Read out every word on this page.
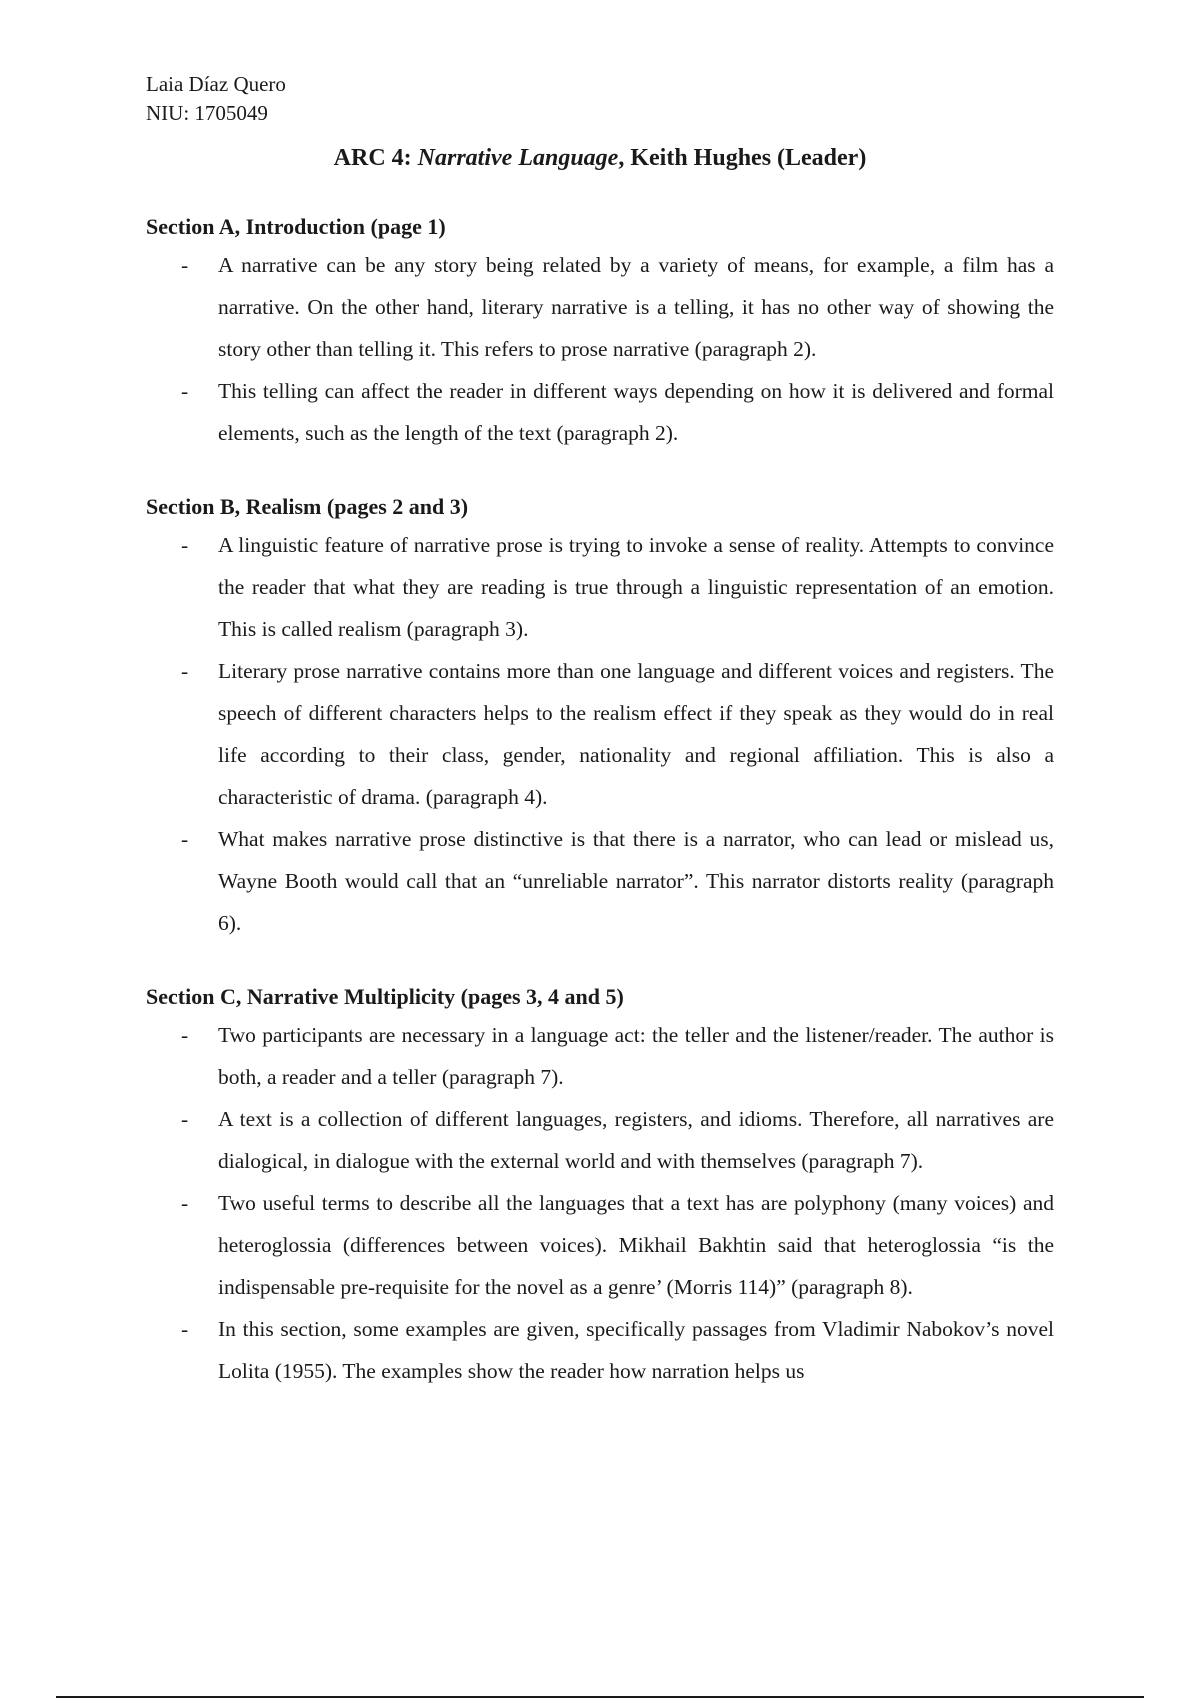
Laia Díaz Quero
NIU: 1705049
ARC 4: Narrative Language, Keith Hughes (Leader)

Section A, Introduction (page 1)

- A narrative can be any story being related by a variety of means, for example, a film has a narrative. On the other hand, literary narrative is a telling, it has no other way of showing the story other than telling it. This refers to prose narrative (paragraph 2).
- This telling can affect the reader in different ways depending on how it is delivered and formal elements, such as the length of the text (paragraph 2).

Section B, Realism (pages 2 and 3)

- A linguistic feature of narrative prose is trying to invoke a sense of reality. Attempts to convince the reader that what they are reading is true through a linguistic representation of an emotion. This is called realism (paragraph 3).
- Literary prose narrative contains more than one language and different voices and registers. The speech of different characters helps to the realism effect if they speak as they would do in real life according to their class, gender, nationality and regional affiliation. This is also a characteristic of drama. (paragraph 4).
- What makes narrative prose distinctive is that there is a narrator, who can lead or mislead us, Wayne Booth would call that an “unreliable narrator”. This narrator distorts reality (paragraph 6).

Section C, Narrative Multiplicity (pages 3, 4 and 5)

- Two participants are necessary in a language act: the teller and the listener/reader. The author is both, a reader and a teller (paragraph 7).
- A text is a collection of different languages, registers, and idioms. Therefore, all narratives are dialogical, in dialogue with the external world and with themselves (paragraph 7).
- Two useful terms to describe all the languages that a text has are polyphony (many voices) and heteroglossia (differences between voices). Mikhail Bakhtin said that heteroglossia “is the indispensable pre-requisite for the novel as a genre’ (Morris 114)” (paragraph 8).
- In this section, some examples are given, specifically passages from Vladimir Nabokov’s novel Lolita (1955). The examples show the reader how narration helps us
